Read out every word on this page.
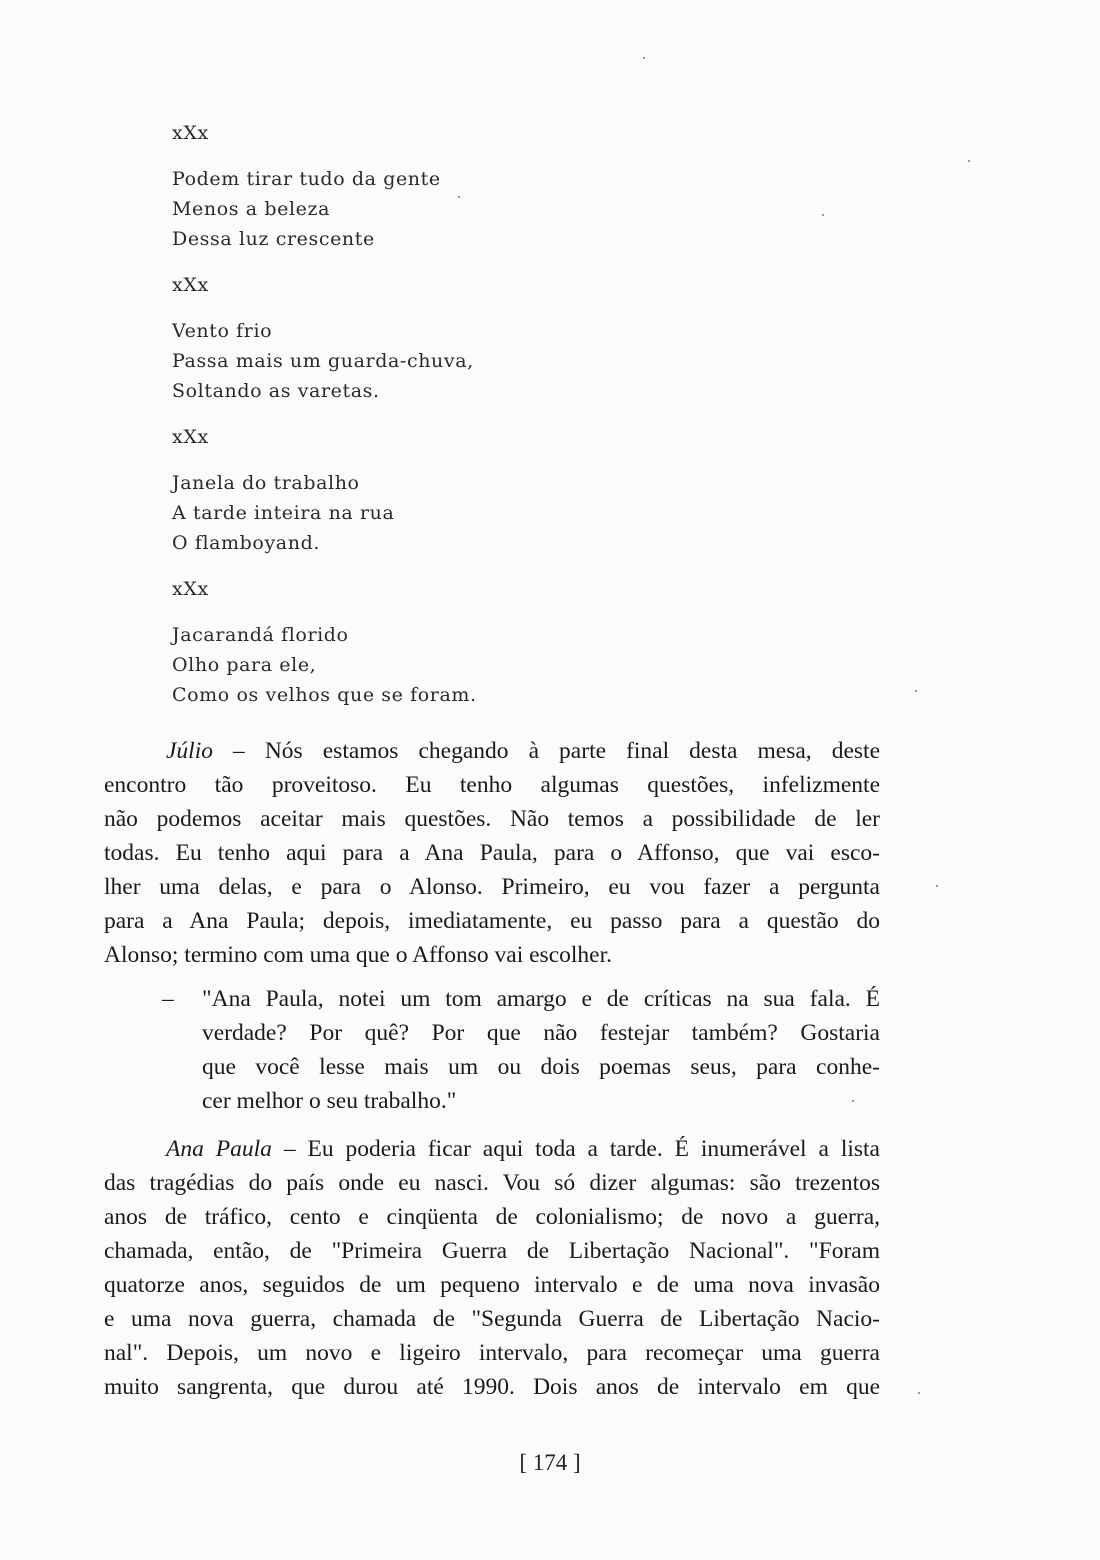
xXx
Podem tirar tudo da gente
Menos a beleza
Dessa luz crescente
xXx
Vento frio
Passa mais um guarda-chuva,
Soltando as varetas.
xXx
Janela do trabalho
A tarde inteira na rua
O flamboyand.
xXx
Jacarandá florido
Olho para ele,
Como os velhos que se foram.
Júlio – Nós estamos chegando à parte final desta mesa, deste
encontro tão proveitoso. Eu tenho algumas questões, infelizmente
não podemos aceitar mais questões. Não temos a possibilidade de ler
todas. Eu tenho aqui para a Ana Paula, para o Affonso, que vai esco-
lher uma delas, e para o Alonso. Primeiro, eu vou fazer a pergunta
para a Ana Paula; depois, imediatamente, eu passo para a questão do
Alonso; termino com uma que o Affonso vai escolher.
– "Ana Paula, notei um tom amargo e de críticas na sua fala. É
verdade? Por quê? Por que não festejar também? Gostaria
que você lesse mais um ou dois poemas seus, para conhe-
cer melhor o seu trabalho."
Ana Paula – Eu poderia ficar aqui toda a tarde. É inumerável a lista
das tragédias do país onde eu nasci. Vou só dizer algumas: são trezentos
anos de tráfico, cento e cinqüenta de colonialismo; de novo a guerra,
chamada, então, de "Primeira Guerra de Libertação Nacional". "Foram
quatorze anos, seguidos de um pequeno intervalo e de uma nova invasão
e uma nova guerra, chamada de "Segunda Guerra de Libertação Nacio-
nal". Depois, um novo e ligeiro intervalo, para recomeçar uma guerra
muito sangrenta, que durou até 1990. Dois anos de intervalo em que
[ 174 ]
